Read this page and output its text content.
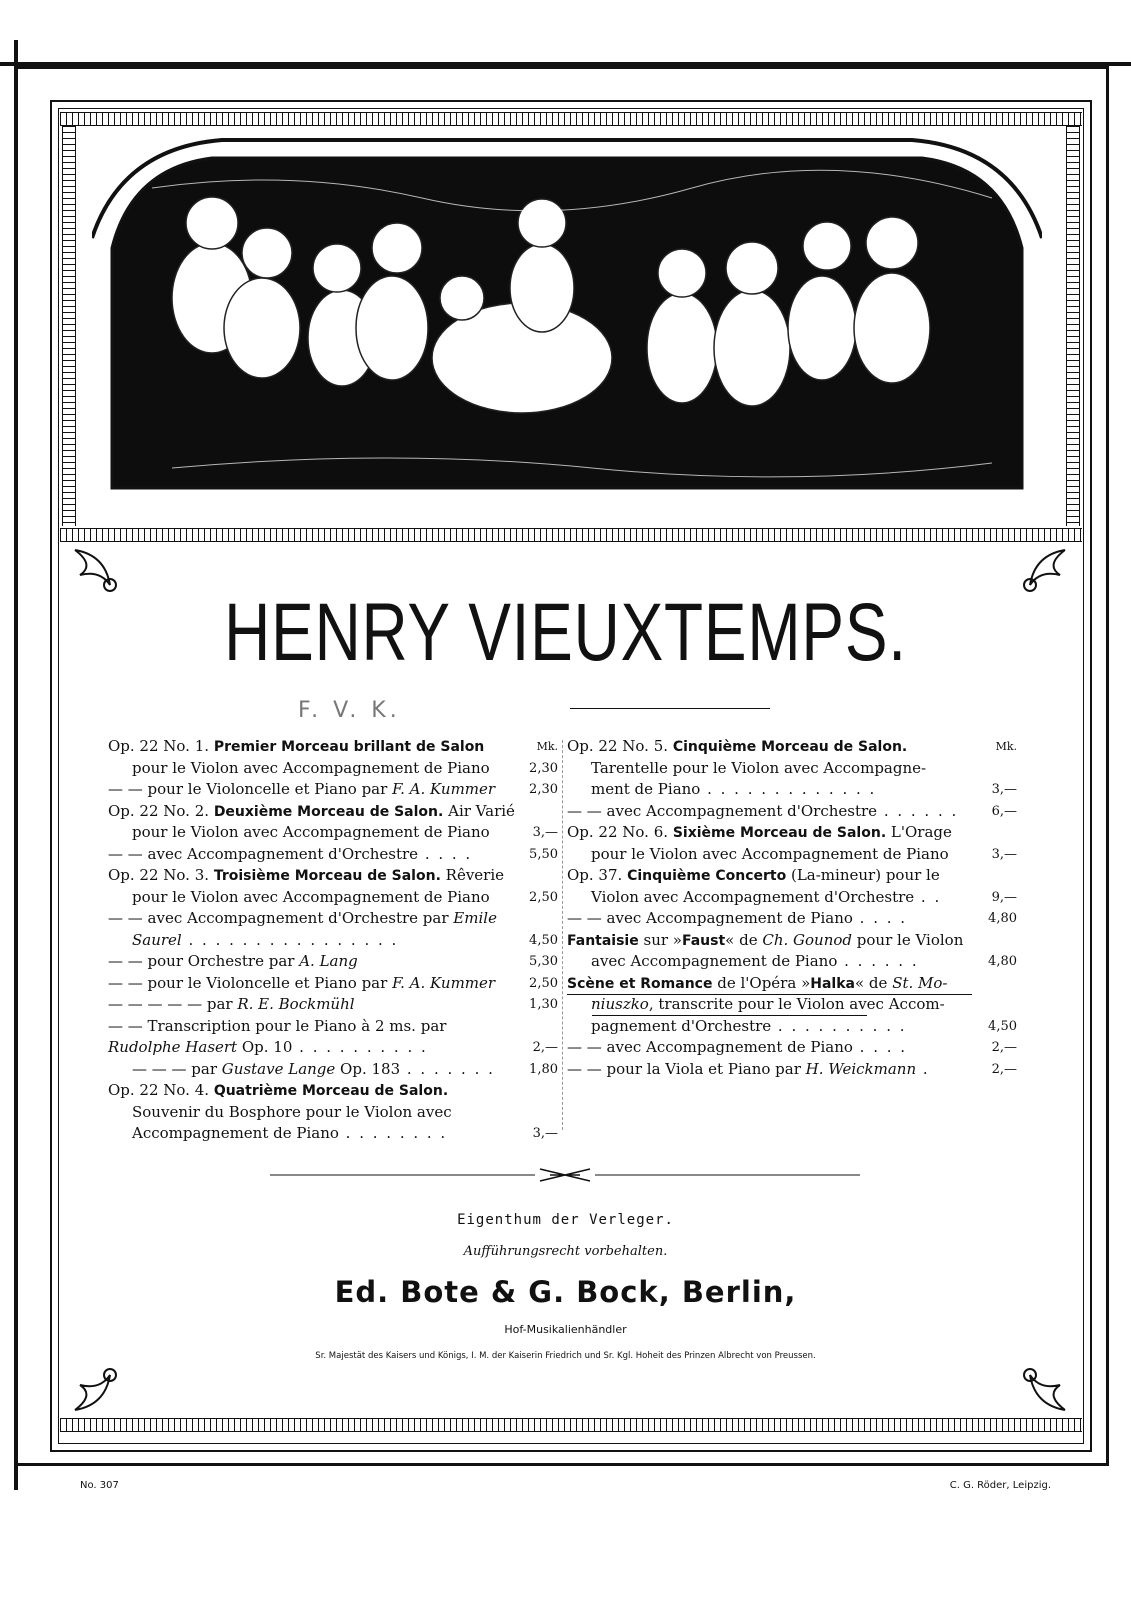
HENRY VIEUXTEMPS.
F. V. K.
Mk.
Op. 22 No. 1. Premier Morceau brillant de Salon
pour le Violon avec Accompagnement de Piano	2,30
— — pour le Violoncelle et Piano par F. A. Kummer	2,30
Op. 22 No. 2. Deuxième Morceau de Salon. Air Varié
pour le Violon avec Accompagnement de Piano	3,—
— — avec Accompagnement d'Orchestre . . . .	5,50
Op. 22 No. 3. Troisième Morceau de Salon. Rêverie
pour le Violon avec Accompagnement de Piano	2,50
— — avec Accompagnement d'Orchestre par Emile
Saurel . . . . . . . . . . . . . . . .	4,50
— — pour Orchestre par A. Lang	5,30
— — pour le Violoncelle et Piano par F. A. Kummer	2,50
— — — — — par R. E. Bockmühl	1,30
— — Transcription pour le Piano à 2 ms. par
Rudolphe Hasert Op. 10 . . . . . . . . . .	2,—
— — — par Gustave Lange Op. 183 . . . . . . .	1,80
Op. 22 No. 4. Quatrième Morceau de Salon.
Souvenir du Bosphore pour le Violon avec
Accompagnement de Piano . . . . . . . .	3,—
Mk.
Op. 22 No. 5. Cinquième Morceau de Salon.
Tarentelle pour le Violon avec Accompagne-
ment de Piano . . . . . . . . . . . . .	3,—
— — avec Accompagnement d'Orchestre . . . . . .	6,—
Op. 22 No. 6. Sixième Morceau de Salon. L'Orage
pour le Violon avec Accompagnement de Piano	3,—
Op. 37. Cinquième Concerto (La-mineur) pour le
Violon avec Accompagnement d'Orchestre . .	9,—
— — avec Accompagnement de Piano . . . .	4,80
Fantaisie sur »Faust« de Ch. Gounod pour le Violon
avec Accompagnement de Piano . . . . . .	4,80
Scène et Romance de l'Opéra »Halka« de St. Mo-
niuszko, transcrite pour le Violon avec Accom-
pagnement d'Orchestre . . . . . . . . . .	4,50
— — avec Accompagnement de Piano . . . .	2,—
— — pour la Viola et Piano par H. Weickmann .	2,—
Eigenthum der Verleger.
Aufführungsrecht vorbehalten.
Ed. Bote & G. Bock, Berlin,
Hof-Musikalienhändler
Sr. Majestät des Kaisers und Königs, I. M. der Kaiserin Friedrich und Sr. Kgl. Hoheit des Prinzen Albrecht von Preussen.
No. 307	C. G. Röder, Leipzig.
